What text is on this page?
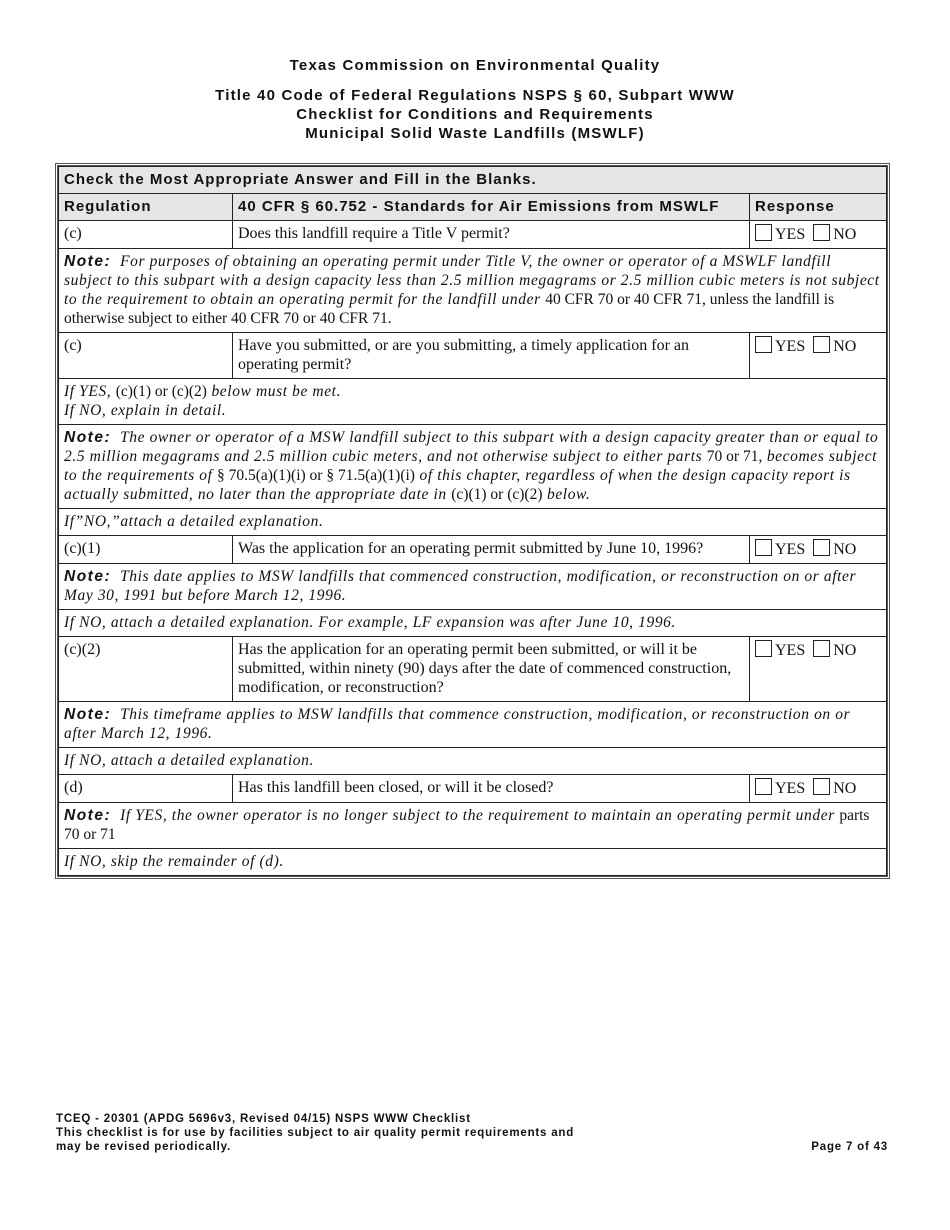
Texas Commission on Environmental Quality
Title 40 Code of Federal Regulations NSPS § 60, Subpart WWW
Checklist for Conditions and Requirements
Municipal Solid Waste Landfills (MSWLF)
Check the Most Appropriate Answer and Fill in the Blanks.		
Regulation	40 CFR § 60.752 - Standards for Air Emissions from MSWLF	Response
(c)	Does this landfill require a Title V permit?	YES NO
Note: For purposes of obtaining an operating permit under Title V, the owner or operator of a MSWLF landfill subject to this subpart with a design capacity less than 2.5 million megagrams or 2.5 million cubic meters is not subject to the requirement to obtain an operating permit for the landfill under 40 CFR 70 or 40 CFR 71, unless the landfill is otherwise subject to either 40 CFR 70 or 40 CFR 71.		
(c)	Have you submitted, or are you submitting, a timely application for an operating permit?	YES NO
If YES, (c)(1) or (c)(2) below must be met.
If NO, explain in detail.		
Note: The owner or operator of a MSW landfill subject to this subpart with a design capacity greater than or equal to 2.5 million megagrams and 2.5 million cubic meters, and not otherwise subject to either parts 70 or 71, becomes subject to the requirements of § 70.5(a)(1)(i) or § 71.5(a)(1)(i) of this chapter, regardless of when the design capacity report is actually submitted, no later than the appropriate date in (c)(1) or (c)(2) below.		
If”NO,”attach a detailed explanation.		
(c)(1)	Was the application for an operating permit submitted by June 10, 1996?	YES NO
Note: This date applies to MSW landfills that commenced construction, modification, or reconstruction on or after May 30, 1991 but before March 12, 1996.		
If NO, attach a detailed explanation. For example, LF expansion was after June 10, 1996.		
(c)(2)	Has the application for an operating permit been submitted, or will it be submitted, within ninety (90) days after the date of commenced construction, modification, or reconstruction?	YES NO
Note: This timeframe applies to MSW landfills that commence construction, modification, or reconstruction on or after March 12, 1996.		
If NO, attach a detailed explanation.		
(d)	Has this landfill been closed, or will it be closed?	YES NO
Note: If YES, the owner operator is no longer subject to the requirement to maintain an operating permit under parts 70 or 71		
If NO, skip the remainder of (d).		
TCEQ - 20301 (APDG 5696v3, Revised 04/15) NSPS WWW Checklist
This checklist is for use by facilities subject to air quality permit requirements and
may be revised periodically.	Page 7 of 43
